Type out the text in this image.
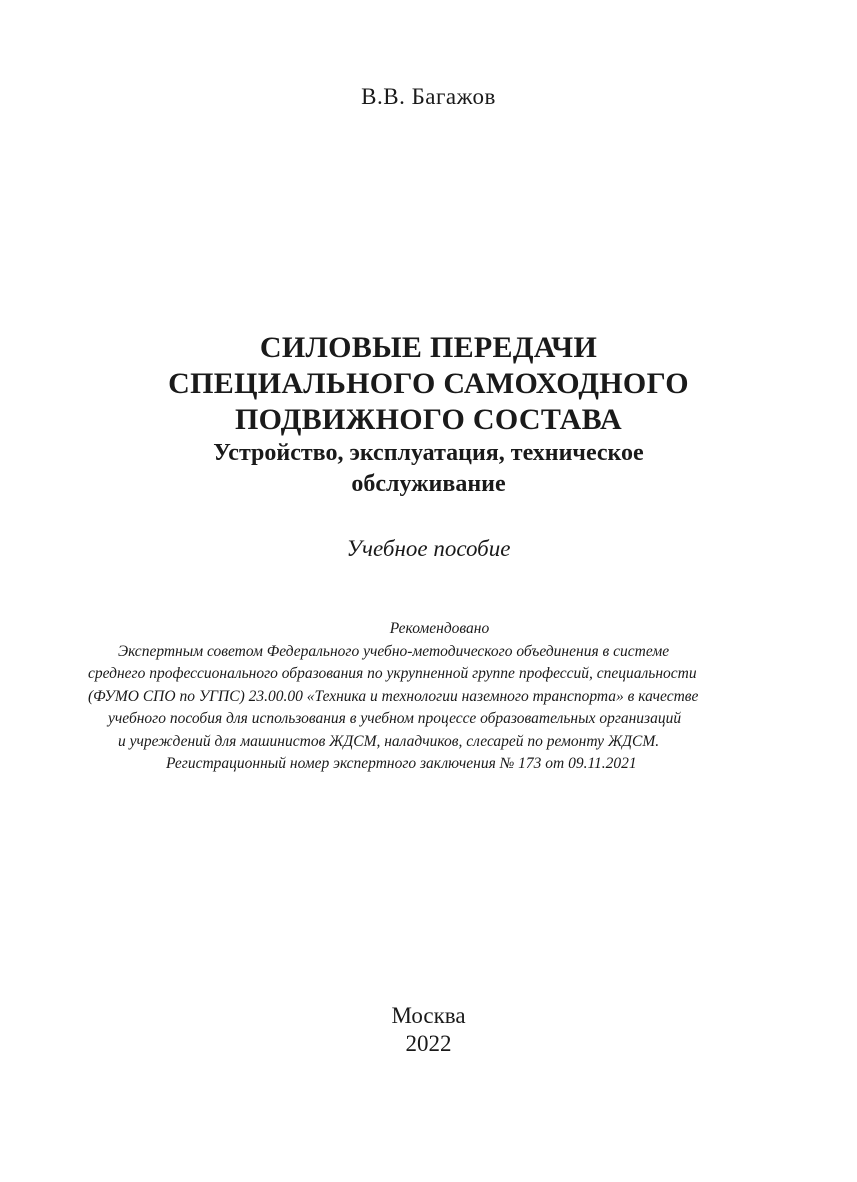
В.В. Багажов
СИЛОВЫЕ ПЕРЕДАЧИ
СПЕЦИАЛЬНОГО САМОХОДНОГО
ПОДВИЖНОГО СОСТАВА
Устройство, эксплуатация, техническое
обслуживание
Учебное пособие
Рекомендовано
Экспертным советом Федерального учебно-методического объединения в системе
среднего профессионального образования по укрупненной группе профессий, специальности
(ФУМО СПО по УГПС) 23.00.00 «Техника и технологии наземного транспорта» в качестве
учебного пособия для использования в учебном процессе образовательных организаций
и учреждений для машинистов ЖДСМ, наладчиков, слесарей по ремонту ЖДСМ.
Регистрационный номер экспертного заключения № 173 от 09.11.2021
Москва
2022
